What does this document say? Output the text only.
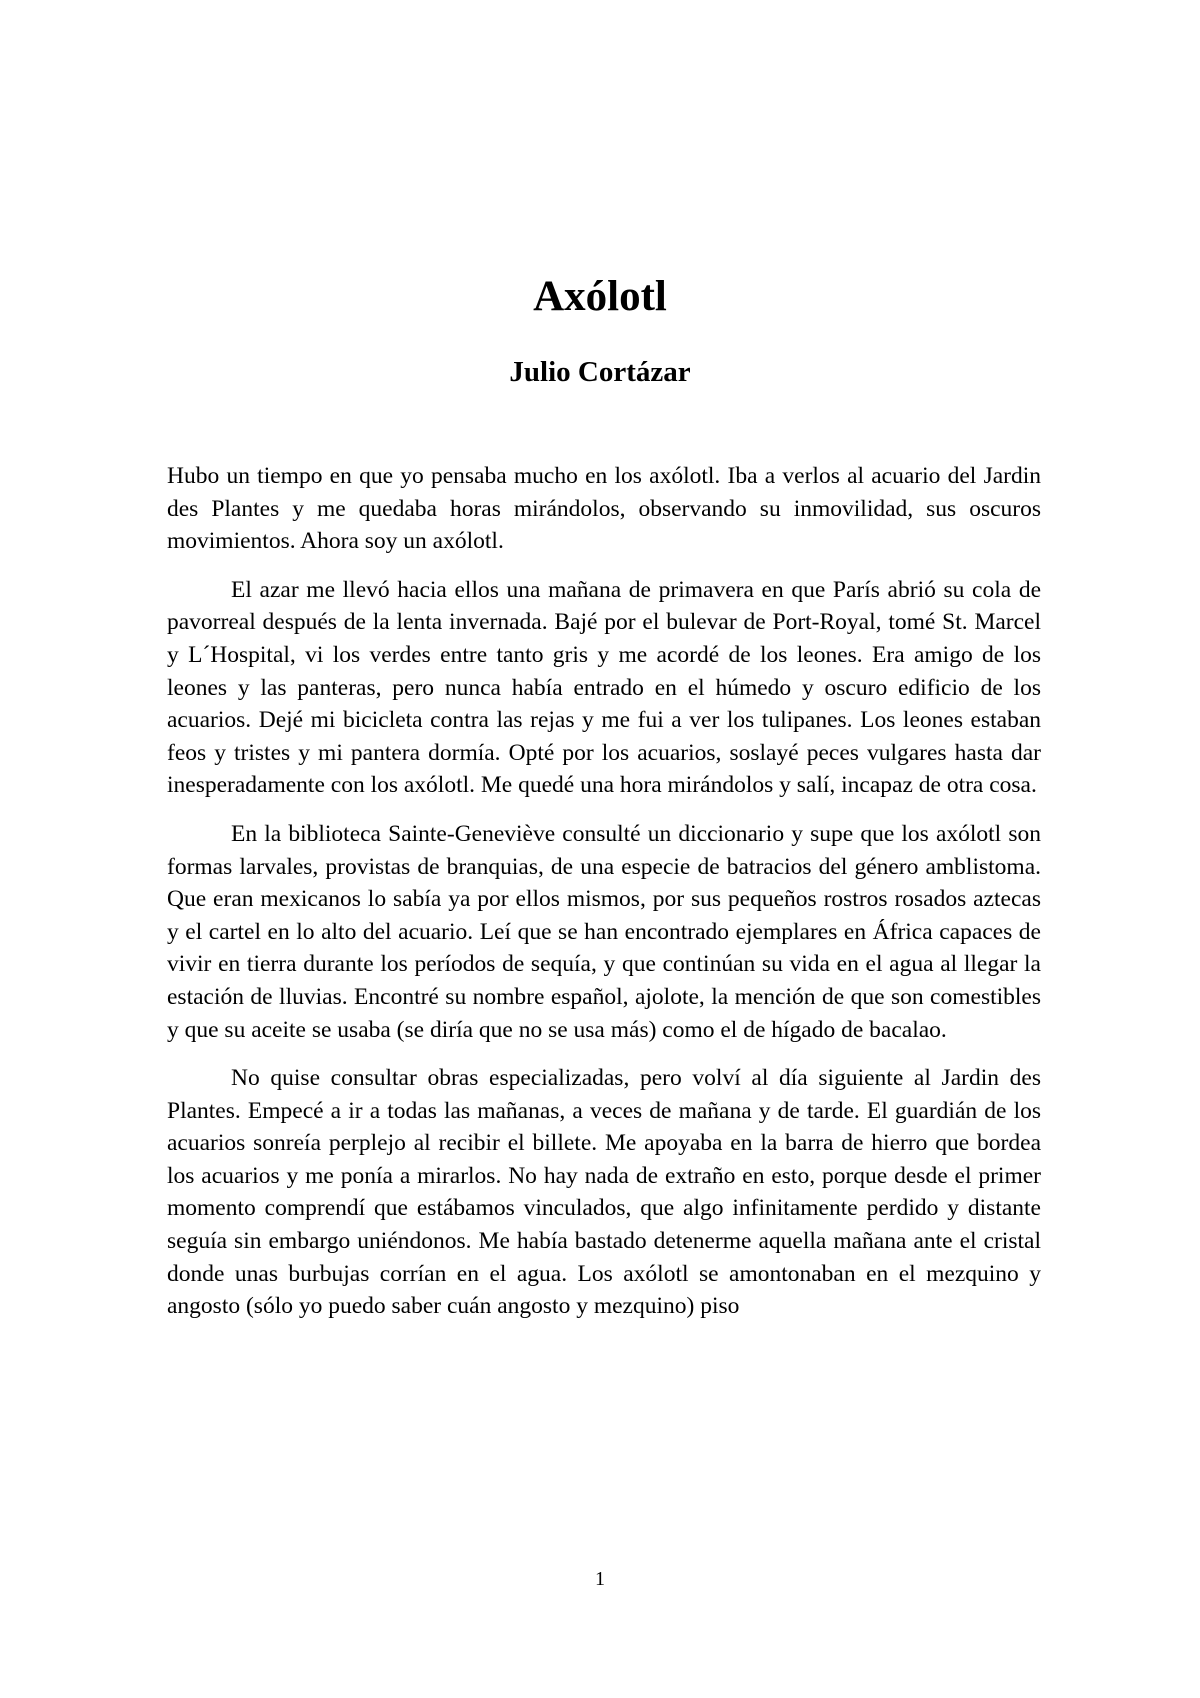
Axólotl
Julio Cortázar

Hubo un tiempo en que yo pensaba mucho en los axólotl. Iba a verlos al acuario del Jardin des Plantes y me quedaba horas mirándolos, observando su inmovilidad, sus oscuros movimientos. Ahora soy un axólotl.

El azar me llevó hacia ellos una mañana de primavera en que París abrió su cola de pavorreal después de la lenta invernada. Bajé por el bulevar de Port-Royal, tomé St. Marcel y L´Hospital, vi los verdes entre tanto gris y me acordé de los leones. Era amigo de los leones y las panteras, pero nunca había entrado en el húmedo y oscuro edificio de los acuarios. Dejé mi bicicleta contra las rejas y me fui a ver los tulipanes. Los leones estaban feos y tristes y mi pantera dormía. Opté por los acuarios, soslayé peces vulgares hasta dar inesperadamente con los axólotl. Me quedé una hora mirándolos y salí, incapaz de otra cosa.

En la biblioteca Sainte-Geneviève consulté un diccionario y supe que los axólotl son formas larvales, provistas de branquias, de una especie de batracios del género amblistoma. Que eran mexicanos lo sabía ya por ellos mismos, por sus pequeños rostros rosados aztecas y el cartel en lo alto del acuario. Leí que se han encontrado ejemplares en África capaces de vivir en tierra durante los períodos de sequía, y que continúan su vida en el agua al llegar la estación de lluvias. Encontré su nombre español, ajolote, la mención de que son comestibles y que su aceite se usaba (se diría que no se usa más) como el de hígado de bacalao.

No quise consultar obras especializadas, pero volví al día siguiente al Jardin des Plantes. Empecé a ir a todas las mañanas, a veces de mañana y de tarde. El guardián de los acuarios sonreía perplejo al recibir el billete. Me apoyaba en la barra de hierro que bordea los acuarios y me ponía a mirarlos. No hay nada de extraño en esto, porque desde el primer momento comprendí que estábamos vinculados, que algo infinitamente perdido y distante seguía sin embargo uniéndonos. Me había bastado detenerme aquella mañana ante el cristal donde unas burbujas corrían en el agua. Los axólotl se amontonaban en el mezquino y angosto (sólo yo puedo saber cuán angosto y mezquino) piso

1
